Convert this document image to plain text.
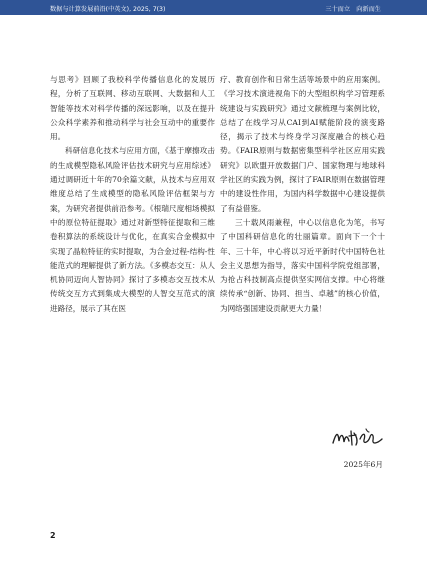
数据与计算发展前沿(中英文), 2025, 7(3)	三十而立　向新而生

与思考》回顾了我校科学传播信息化的发展历程，分析了互联网、移动互联网、大数据和人工智能等技术对科学传播的深远影响，以及在提升公众科学素养和推动科学与社会互动中的重要作用。

科研信息化技术与应用方面，《基于摩擦攻击的生成模型隐私风险评估技术研究与应用综述》通过调研近十年的70余篇文献，从技术与应用双维度总结了生成模型的隐私风险评估框架与方案，为研究者提供前沿参考。《根瑞尺度相场模拟中的原位特征提取》通过对新型特征提取和三维卷积算法的系统设计与优化，在真实合金模拟中实现了晶粒特征的实时提取，为合金过程-结构-性能范式的理解提供了新方法。《多模态交互：从人机协同迈向人智协同》探讨了多模态交互技术从传统交互方式到集成大模型的人智交互范式的演进路径，展示了其在医

疗、教育创作和日常生活等场景中的应用案例。《学习技术演进视角下的大型组织构学习管理系统建设与实践研究》通过文献梳理与案例比较，总结了在线学习从CAI到AI赋能阶段的演变路径，揭示了技术与终身学习深度融合的核心趋势。《FAIR原则与数据密集型科学社区应用实践研究》以欧盟开放数据门户、国家物理与地球科学社区的实践为例，探讨了FAIR原则在数据管理中的建设性作用，为国内科学数据中心建设提供了有益借鉴。

三十载风雨兼程，中心以信息化为笔，书写了中国科研信息化的壮丽篇章。面向下一个十年、三十年，中心将以习近平新时代中国特色社会主义思想为指导，落实中国科学院党组部署，为抢占科技制高点提供坚实网信支撑。中心将继续传承“创新、协同、担当、卓越”的核心价值，为网络强国建设贡献更大力量！

2025年6月
2
